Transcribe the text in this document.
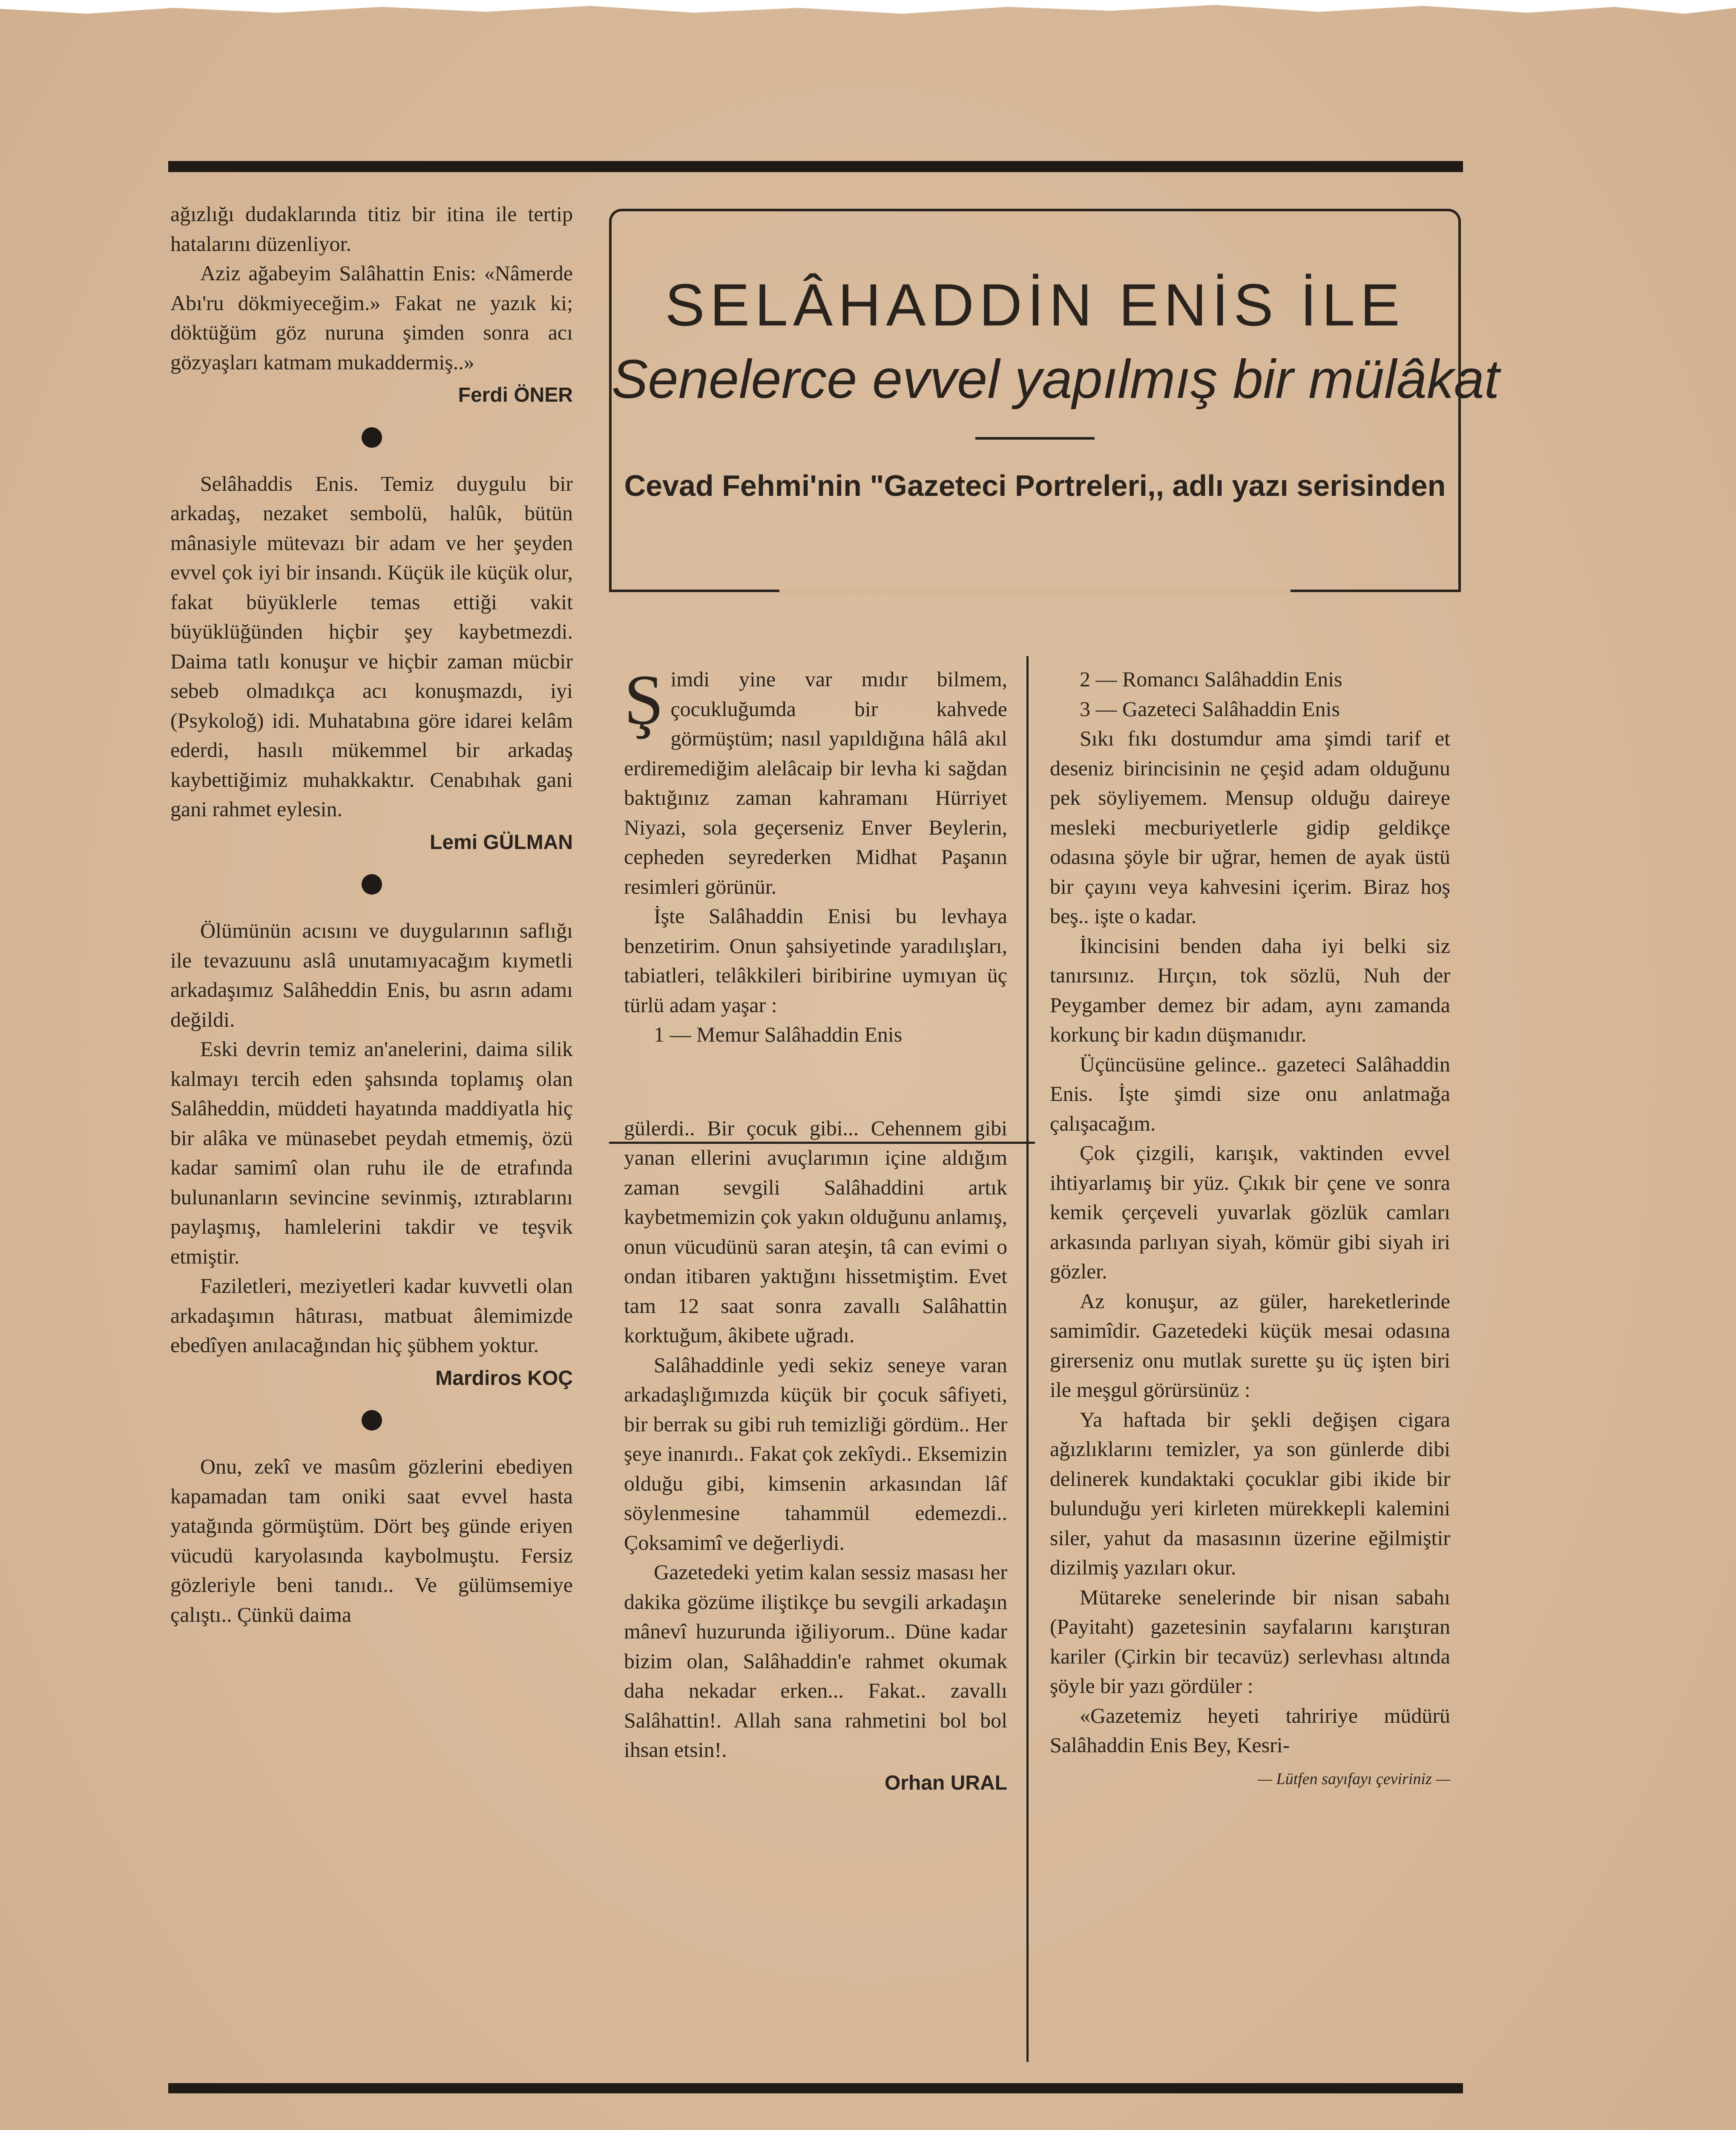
ağızlığı dudaklarında titiz bir itina ile tertip hatalarını düzenliyor.

Aziz ağabeyim Salâhattin Enis: «Nâmerde Abı'ru dökmiyeceğim.» Fakat ne yazık ki; döktüğüm göz nuruna şimden sonra acı gözyaşları katmam mukaddermiş..»

Ferdi ÖNER

Selâhaddis Enis. Temiz duygulu bir arkadaş, nezaket sembolü, halûk, bütün mânasiyle mütevazı bir adam ve her şeyden evvel çok iyi bir insandı. Küçük ile küçük olur, fakat büyüklerle temas ettiği vakit büyüklüğünden hiçbir şey kaybetmezdi. Daima tatlı konuşur ve hiçbir zaman mücbir sebeb olmadıkça acı konuşmazdı, iyi (Psykoloğ) idi. Muhatabına göre idarei kelâm ederdi, hasılı mükemmel bir arkadaş kaybettiğimiz muhakkaktır. Cenabıhak gani gani rahmet eylesin.

Lemi GÜLMAN

Ölümünün acısını ve duygularının saflığı ile tevazuunu aslâ unutamıyacağım kıymetli arkadaşımız Salâheddin Enis, bu asrın adamı değildi.

Eski devrin temiz an'anelerini, daima silik kalmayı tercih eden şahsında toplamış olan Salâheddin, müddeti hayatında maddiyatla hiç bir alâka ve münasebet peydah etmemiş, özü kadar samimî olan ruhu ile de etrafında bulunanların sevincine sevinmiş, ıztırablarını paylaşmış, hamlelerini takdir ve teşvik etmiştir.

Faziletleri, meziyetleri kadar kuvvetli olan arkadaşımın hâtırası, matbuat âlemimizde ebedîyen anılacağından hiç şübhem yoktur.

Mardiros KOÇ

Onu, zekî ve masûm gözlerini ebediyen kapamadan tam oniki saat evvel hasta yatağında görmüştüm. Dört beş günde eriyen vücudü karyolasında kaybolmuştu. Fersiz gözleriyle beni tanıdı.. Ve gülümsemiye çalıştı.. Çünkü daima

SELÂHADDİN ENİS İLE
Senelerce evvel yapılmış bir mülâkat
Cevad Fehmi'nin "Gazeteci Portreleri,, adlı yazı serisinden

Şimdi yine var mıdır bilmem, çocukluğumda bir kahvede görmüştüm; nasıl yapıldığına hâlâ akıl erdiremediğim alelâcaip bir levha ki sağdan baktığınız zaman kahramanı Hürriyet Niyazi, sola geçerseniz Enver Beylerin, cepheden seyrederken Midhat Paşanın resimleri görünür.

İşte Salâhaddin Enisi bu levhaya benzetirim. Onun şahsiyetinde yaradılışları, tabiatleri, telâkkileri biribirine uymıyan üç türlü adam yaşar :

1 — Memur Salâhaddin Enis

gülerdi.. Bir çocuk gibi... Cehennem gibi yanan ellerini avuçlarımın içine aldığım zaman sevgili Salâhaddini artık kaybetmemizin çok yakın olduğunu anlamış, onun vücudünü saran ateşin, tâ can evimi o ondan itibaren yaktığını hissetmiştim. Evet tam 12 saat sonra zavallı Salâhattin korktuğum, âkibete uğradı.

Salâhaddinle yedi sekiz seneye varan arkadaşlığımızda küçük bir çocuk sâfiyeti, bir berrak su gibi ruh temizliği gördüm.. Her şeye inanırdı.. Fakat çok zekîydi.. Eksemizin olduğu gibi, kimsenin arkasından lâf söylenmesine tahammül edemezdi.. Çoksamimî ve değerliydi.

Gazetedeki yetim kalan sessiz masası her dakika gözüme iliştikçe bu sevgili arkadaşın mânevî huzurunda iğiliyorum.. Düne kadar bizim olan, Salâhaddin'e rahmet okumak daha nekadar erken... Fakat.. zavallı Salâhattin!. Allah sana rahmetini bol bol ihsan etsin!.

Orhan URAL

2 — Romancı Salâhaddin Enis

3 — Gazeteci Salâhaddin Enis

Sıkı fıkı dostumdur ama şimdi tarif et deseniz birincisinin ne çeşid adam olduğunu pek söyliyemem. Mensup olduğu daireye mesleki mecburiyetlerle gidip geldikçe odasına şöyle bir uğrar, hemen de ayak üstü bir çayını veya kahvesini içerim. Biraz hoş beş.. işte o kadar.

İkincisini benden daha iyi belki siz tanırsınız. Hırçın, tok sözlü, Nuh der Peygamber demez bir adam, aynı zamanda korkunç bir kadın düşmanıdır.

Üçüncüsüne gelince.. gazeteci Salâhaddin Enis. İşte şimdi size onu anlatmağa çalışacağım.

Çok çizgili, karışık, vaktinden evvel ihtiyarlamış bir yüz. Çıkık bir çene ve sonra kemik çerçeveli yuvarlak gözlük camları arkasında parlıyan siyah, kömür gibi siyah iri gözler.

Az konuşur, az güler, hareketlerinde samimîdir. Gazetedeki küçük mesai odasına girerseniz onu mutlak surette şu üç işten biri ile meşgul görürsünüz :

Ya haftada bir şekli değişen cigara ağızlıklarını temizler, ya son günlerde dibi delinerek kundaktaki çocuklar gibi ikide bir bulunduğu yeri kirleten mürekkepli kalemini siler, yahut da masasının üzerine eğilmiştir dizilmiş yazıları okur.

Mütareke senelerinde bir nisan sabahı (Payitaht) gazetesinin sayfalarını karıştıran kariler (Çirkin bir tecavüz) serlevhası altında şöyle bir yazı gördüler :

«Gazetemiz heyeti tahririye müdürü Salâhaddin Enis Bey, Kesri-

— Lütfen sayıfayı çeviriniz —
